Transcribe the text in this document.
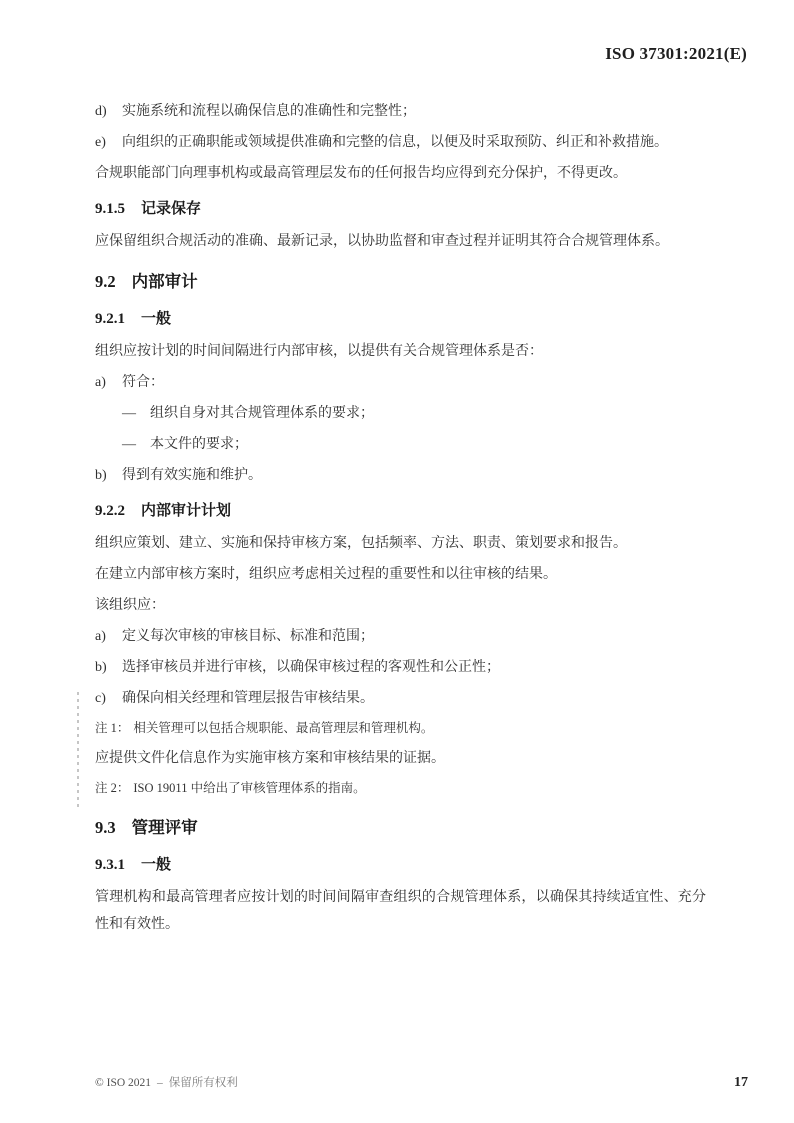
ISO 37301:2021(E)
d) 实施系统和流程以确保信息的准确性和完整性；
e) 向组织的正确职能或领域提供准确和完整的信息，以便及时采取预防、纠正和补救措施。
合规职能部门向理事机构或最高管理层发布的任何报告均应得到充分保护，不得更改。
9.1.5 记录保存
应保留组织合规活动的准确、最新记录，以协助监督和审查过程并证明其符合合规管理体系。
9.2 内部审计
9.2.1 一般
组织应按计划的时间间隔进行内部审核，以提供有关合规管理体系是否：
a) 符合：
— 组织自身对其合规管理体系的要求；
— 本文件的要求；
b) 得到有效实施和维护。
9.2.2 内部审计计划
组织应策划、建立、实施和保持审核方案，包括频率、方法、职责、策划要求和报告。
在建立内部审核方案时，组织应考虑相关过程的重要性和以往审核的结果。
该组织应：
a) 定义每次审核的审核目标、标准和范围；
b) 选择审核员并进行审核，以确保审核过程的客观性和公正性；
c) 确保向相关经理和管理层报告审核结果。
注 1： 相关管理可以包括合规职能、最高管理层和管理机构。
应提供文件化信息作为实施审核方案和审核结果的证据。
注 2： ISO 19011 中给出了审核管理体系的指南。
9.3 管理评审
9.3.1 一般
管理机构和最高管理者应按计划的时间间隔审查组织的合规管理体系，以确保其持续适宜性、充分性和有效性。
© ISO 2021 – 保留所有权利	17
